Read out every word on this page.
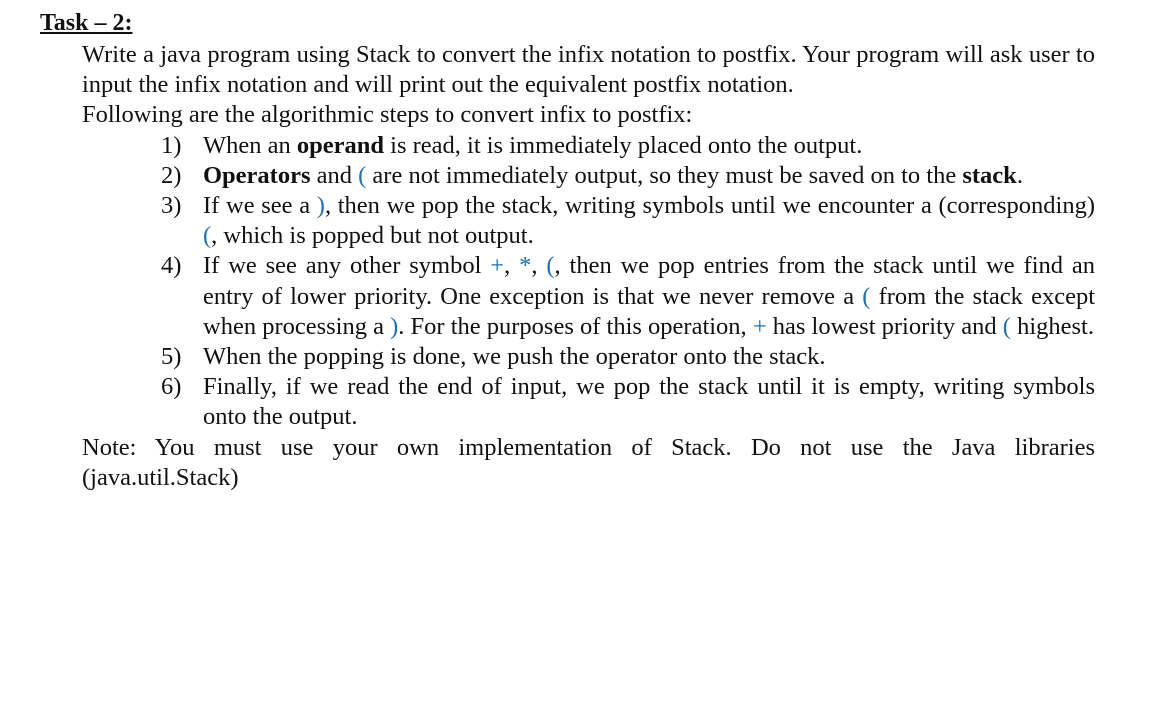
Task – 2:
Write a java program using Stack to convert the infix notation to postfix. Your program will ask user to input the infix notation and will print out the equivalent postfix notation.
Following are the algorithmic steps to convert infix to postfix:
1) When an operand is read, it is immediately placed onto the output.
2) Operators and ( are not immediately output, so they must be saved on to the stack.
3) If we see a ), then we pop the stack, writing symbols until we encounter a (corresponding) (, which is popped but not output.
4) If we see any other symbol +, *, (, then we pop entries from the stack until we find an entry of lower priority. One exception is that we never remove a ( from the stack except when processing a ). For the purposes of this operation, + has lowest priority and ( highest.
5) When the popping is done, we push the operator onto the stack.
6) Finally, if we read the end of input, we pop the stack until it is empty, writing symbols onto the output.
Note: You must use your own implementation of Stack. Do not use the Java libraries
(java.util.Stack)
